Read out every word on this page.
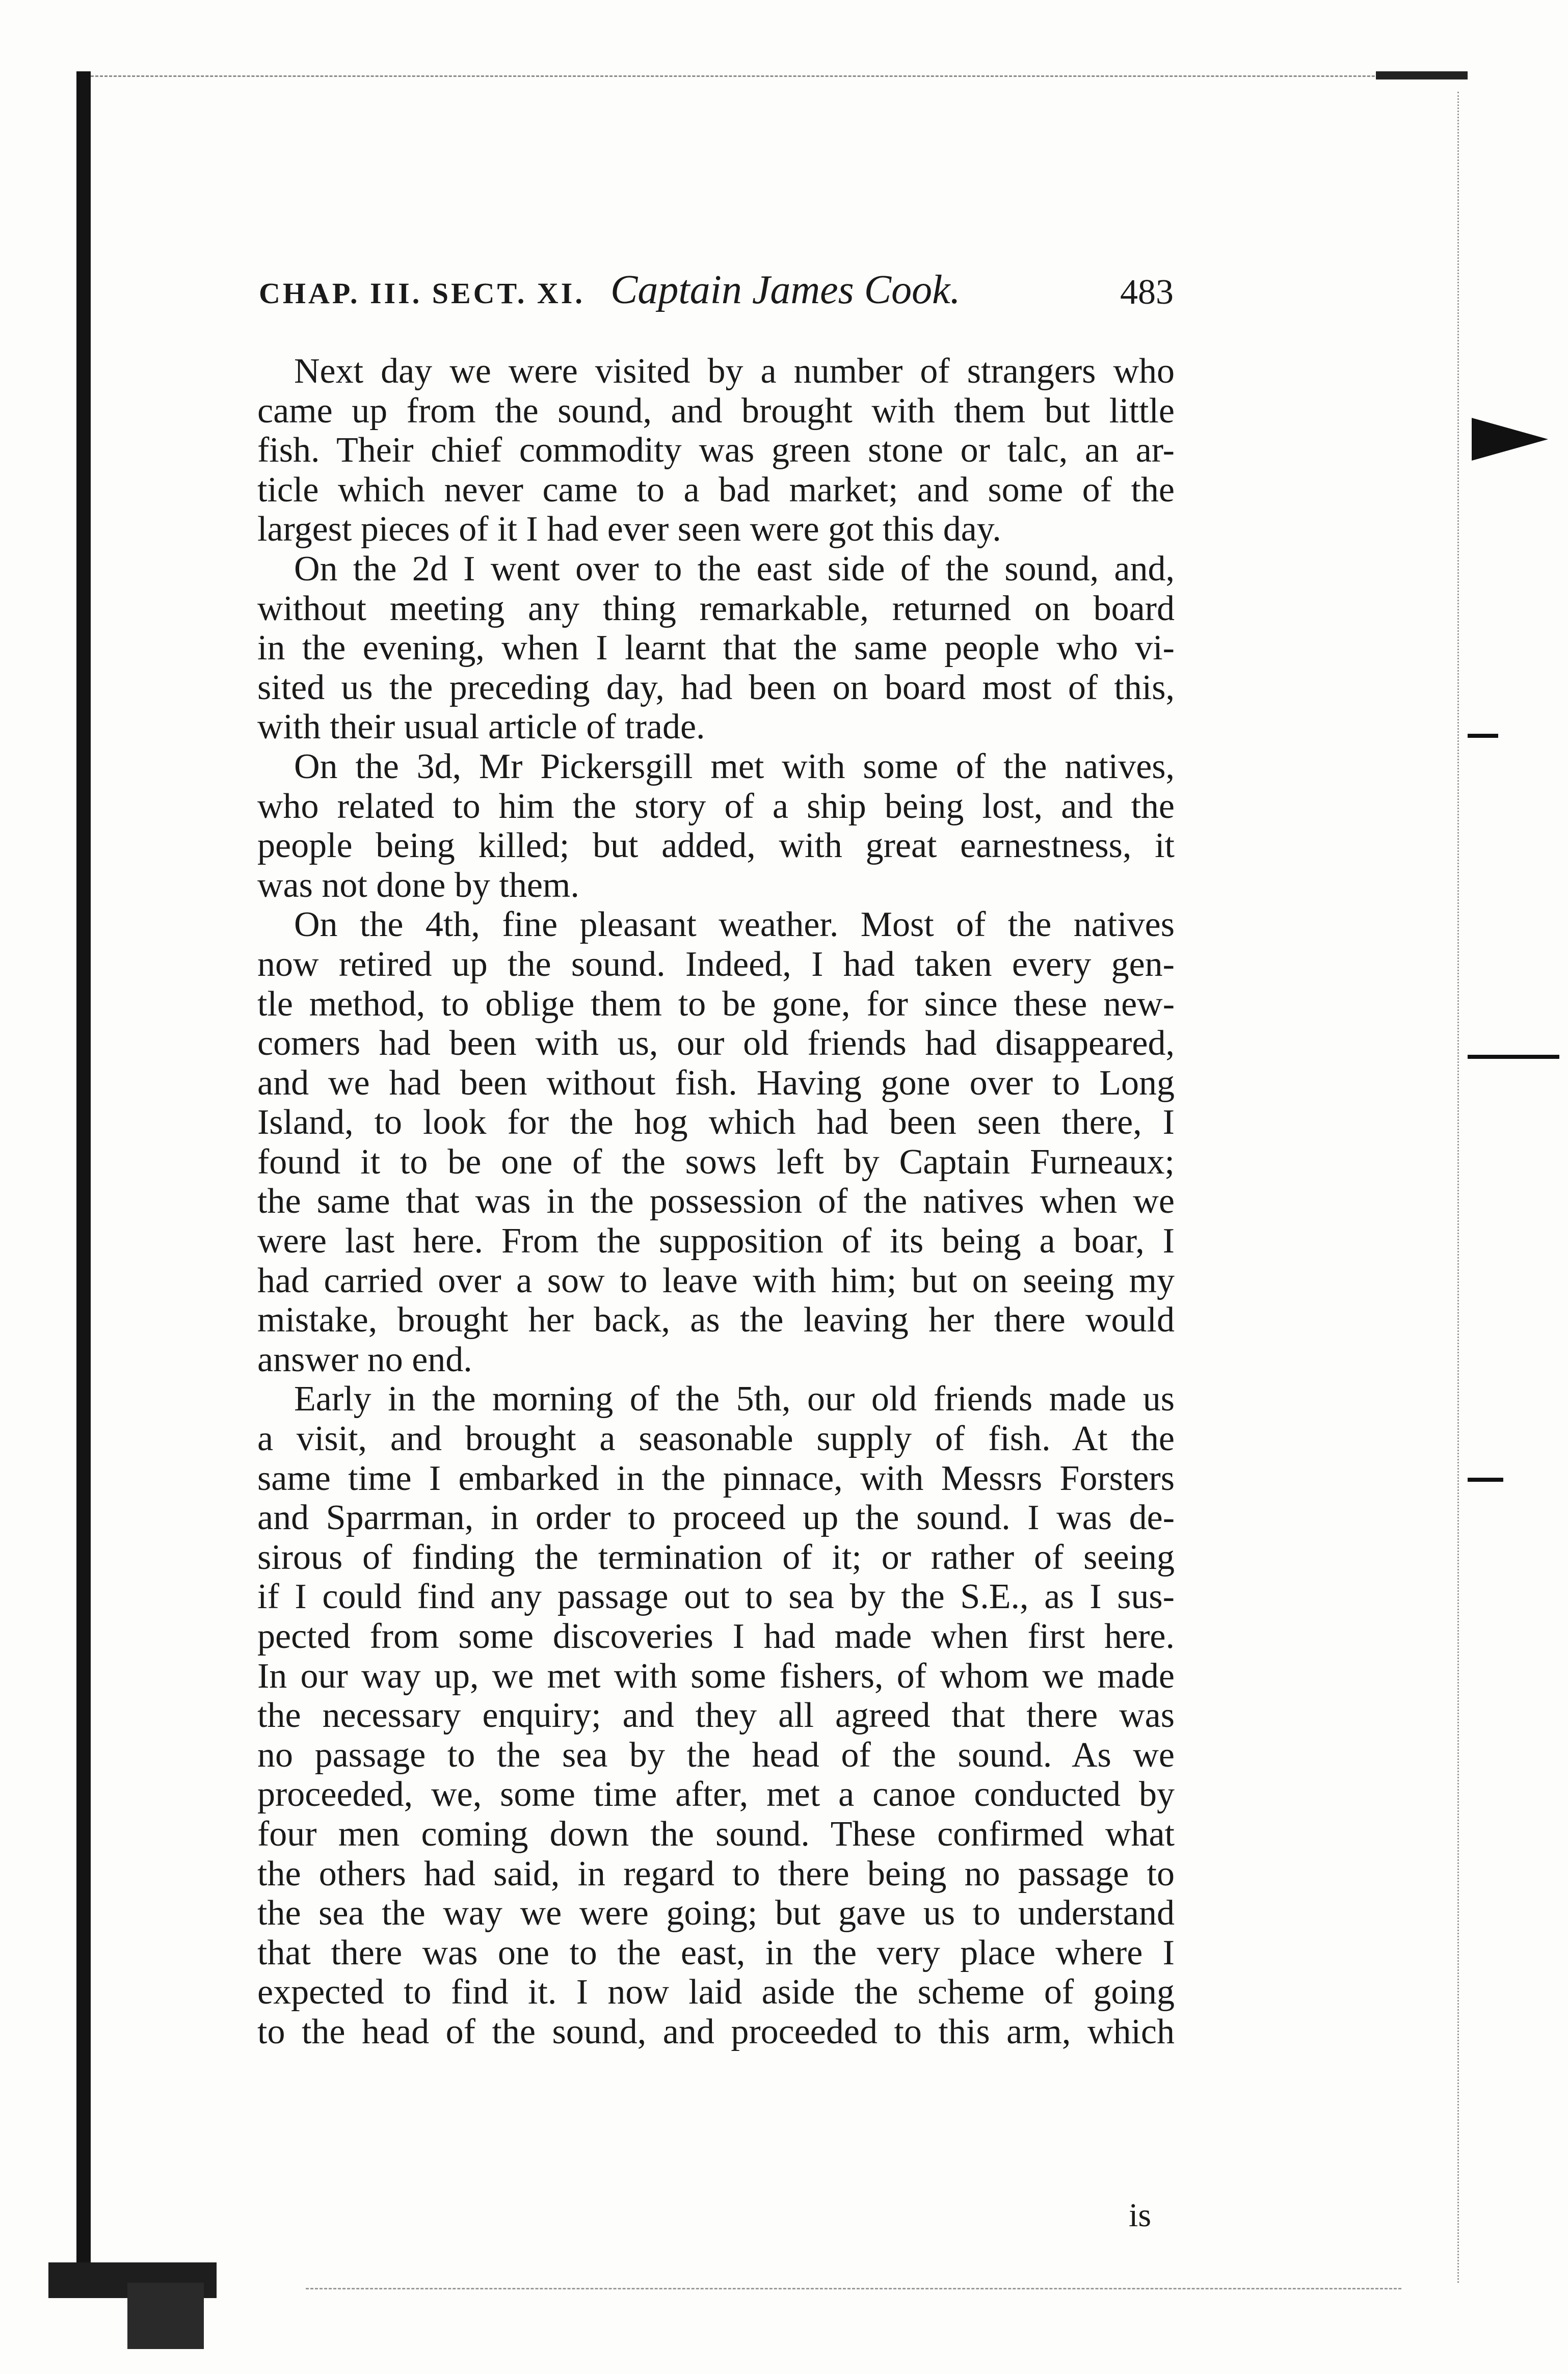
CHAP. III. SECT. XI. Captain James Cook.	483
Next day we were visited by a number of strangers who
came up from the sound, and brought with them but little
fish. Their chief commodity was green stone or talc, an ar-
ticle which never came to a bad market; and some of the
largest pieces of it I had ever seen were got this day.
On the 2d I went over to the east side of the sound, and,
without meeting any thing remarkable, returned on board
in the evening, when I learnt that the same people who vi-
sited us the preceding day, had been on board most of this,
with their usual article of trade.
On the 3d, Mr Pickersgill met with some of the natives,
who related to him the story of a ship being lost, and the
people being killed; but added, with great earnestness, it
was not done by them.
On the 4th, fine pleasant weather. Most of the natives
now retired up the sound. Indeed, I had taken every gen-
tle method, to oblige them to be gone, for since these new-
comers had been with us, our old friends had disappeared,
and we had been without fish. Having gone over to Long
Island, to look for the hog which had been seen there, I
found it to be one of the sows left by Captain Furneaux;
the same that was in the possession of the natives when we
were last here. From the supposition of its being a boar, I
had carried over a sow to leave with him; but on seeing my
mistake, brought her back, as the leaving her there would
answer no end.
Early in the morning of the 5th, our old friends made us
a visit, and brought a seasonable supply of fish. At the
same time I embarked in the pinnace, with Messrs Forsters
and Sparrman, in order to proceed up the sound. I was de-
sirous of finding the termination of it; or rather of seeing
if I could find any passage out to sea by the S.E., as I sus-
pected from some discoveries I had made when first here.
In our way up, we met with some fishers, of whom we made
the necessary enquiry; and they all agreed that there was
no passage to the sea by the head of the sound. As we
proceeded, we, some time after, met a canoe conducted by
four men coming down the sound. These confirmed what
the others had said, in regard to there being no passage to
the sea the way we were going; but gave us to understand
that there was one to the east, in the very place where I
expected to find it. I now laid aside the scheme of going
to the head of the sound, and proceeded to this arm, which
is
